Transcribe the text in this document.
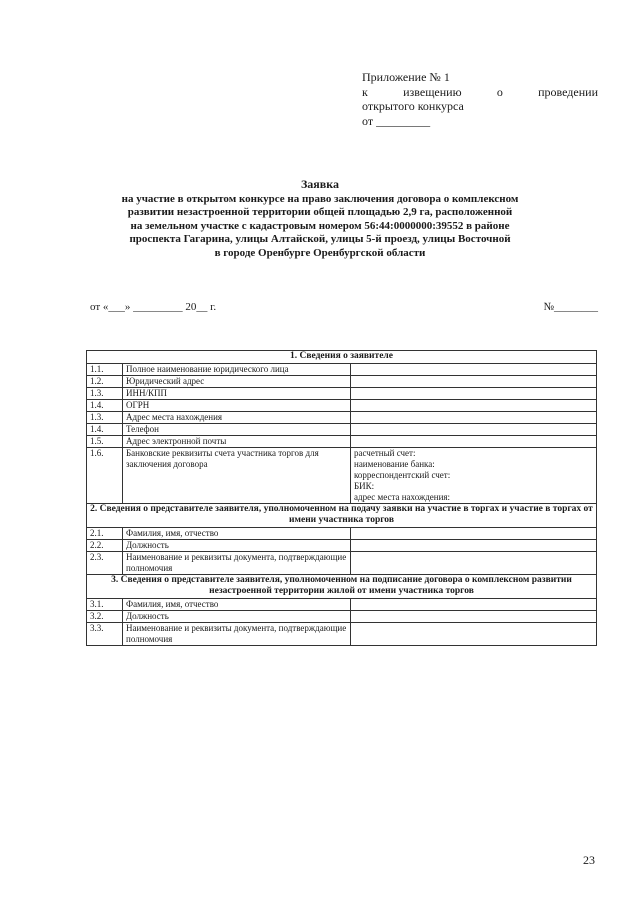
Приложение № 1
к	извещению	о	проведении
открытого конкурса
от _________
Заявка
на участие в открытом конкурсе на право заключения договора о комплексном
развитии незастроенной территории общей площадью 2,9 га, расположенной
на земельном участке с кадастровым номером 56:44:0000000:39552 в районе
проспекта Гагарина, улицы Алтайской, улицы 5-й проезд, улицы Восточной
в городе Оренбурге Оренбургской области
от «___» _________ 20__ г.	№________
1. Сведения о заявителе		
1.1.	Полное наименование юридического лица	
1.2.	Юридический адрес	
1.3.	ИНН/КПП	
1.4.	ОГРН	
1.3.	Адрес места нахождения	
1.4.	Телефон	
1.5.	Адрес электронной почты	
1.6.	Банковские реквизиты счета участника торгов для заключения договора	расчетный счет:
наименование банка:
корреспондентский счет:
БИК:
адрес места нахождения:

2. Сведения о представителе заявителя, уполномоченном на подачу заявки на участие в торгах и участие в торгах от имени участника торгов		
2.1.	Фамилия, имя, отчество	
2.2.	Должность	
2.3.	Наименование и реквизиты документа, подтверждающие полномочия	
3. Сведения о представителе заявителя, уполномоченном на подписание договора о комплексном развитии незастроенной территории жилой от имени участника торгов		
3.1.	Фамилия, имя, отчество	
3.2.	Должность	
3.3.	Наименование и реквизиты документа, подтверждающие полномочия	
23
